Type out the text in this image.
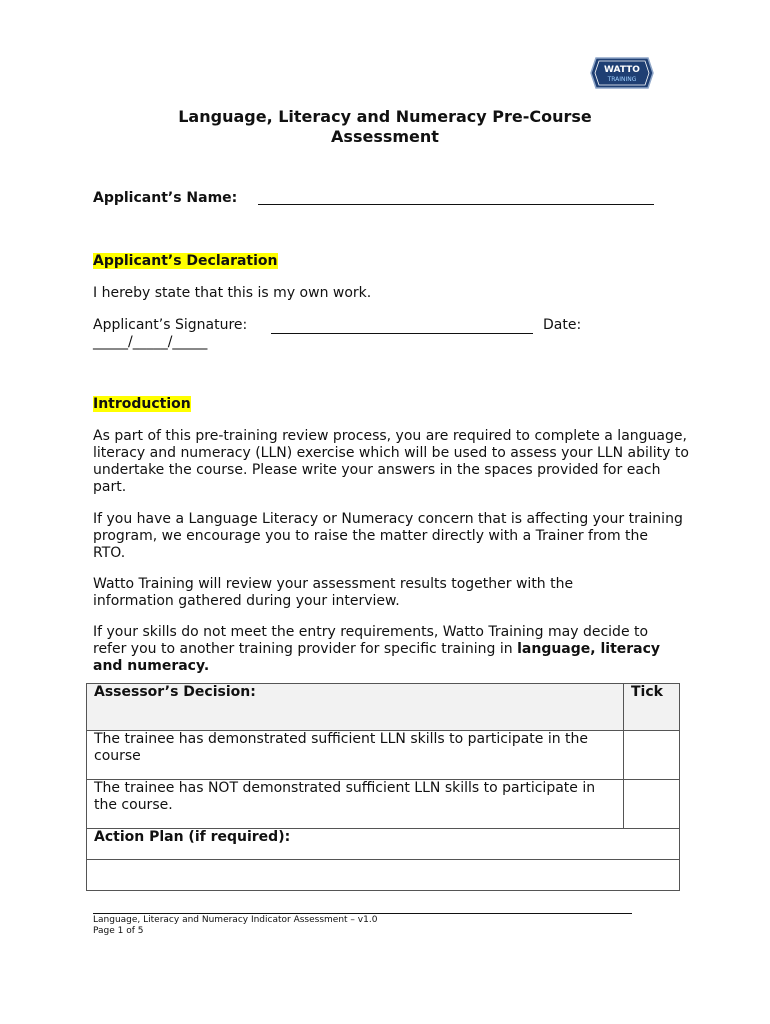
WATTO
TRAINING
Language, Literacy and Numeracy Pre-Course
Assessment
Applicant’s Name:
Applicant’s Declaration
I hereby state that this is my own work.
Applicant’s Signature:	Date:
_____/_____/_____
Introduction
As part of this pre-training review process, you are required to complete a language, literacy and numeracy (LLN) exercise which will be used to assess your LLN ability to undertake the course. Please write your answers in the spaces provided for each part.
If you have a Language Literacy or Numeracy concern that is affecting your training program, we encourage you to raise the matter directly with a Trainer from the RTO.
Watto Training will review your assessment results together with the information gathered during your interview.
If your skills do not meet the entry requirements, Watto Training may decide to refer you to another training provider for specific training in language, literacy and numeracy.
Assessor’s Decision:	Tick
The trainee has demonstrated sufficient LLN skills to participate in the course	
The trainee has NOT demonstrated sufficient LLN skills to participate in the course.	
Action Plan (if required):	

Language, Literacy and Numeracy Indicator Assessment – v1.0
Page 1 of 5
